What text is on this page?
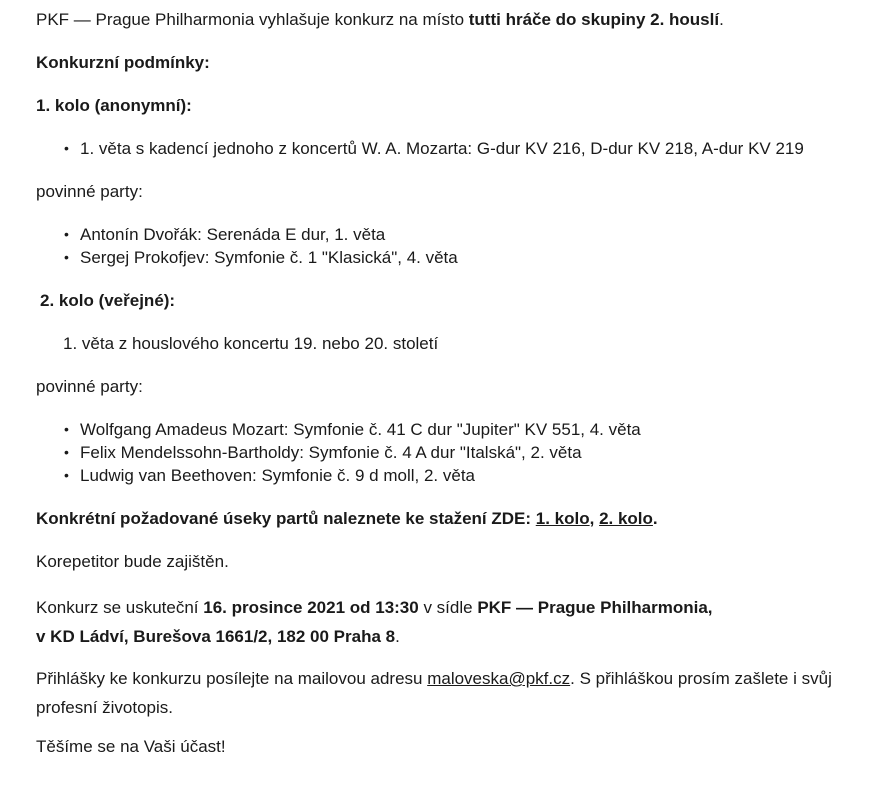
PKF — Prague Philharmonia vyhlašuje konkurz na místo tutti hráče do skupiny 2. houslí.

Konkurzní podmínky:

1. kolo (anonymní):

• 1. věta s kadencí jednoho z koncertů W. A. Mozarta: G-dur KV 216, D-dur KV 218, A-dur KV 219

povinné party:

• Antonín Dvořák: Serenáda E dur, 1. věta
• Sergej Prokofjev: Symfonie č. 1 "Klasická", 4. věta

2. kolo (veřejné):

1. věta z houslového koncertu 19. nebo 20. století

povinné party:

• Wolfgang Amadeus Mozart: Symfonie č. 41 C dur "Jupiter" KV 551, 4. věta
• Felix Mendelssohn-Bartholdy: Symfonie č. 4 A dur "Italská", 2. věta
• Ludwig van Beethoven: Symfonie č. 9 d moll, 2. věta

Konkrétní požadované úseky partů naleznete ke stažení ZDE: 1. kolo, 2. kolo.

Korepetitor bude zajištěn.

Konkurz se uskuteční 16. prosince 2021 od 13:30 v sídle PKF — Prague Philharmonia,
v KD Ládví, Burešova 1661/2, 182 00 Praha 8.

Přihlášky ke konkurzu posílejte na mailovou adresu maloveska@pkf.cz. S přihláškou prosím zašlete i svůj profesní životopis.

Těšíme se na Vaši účast!
